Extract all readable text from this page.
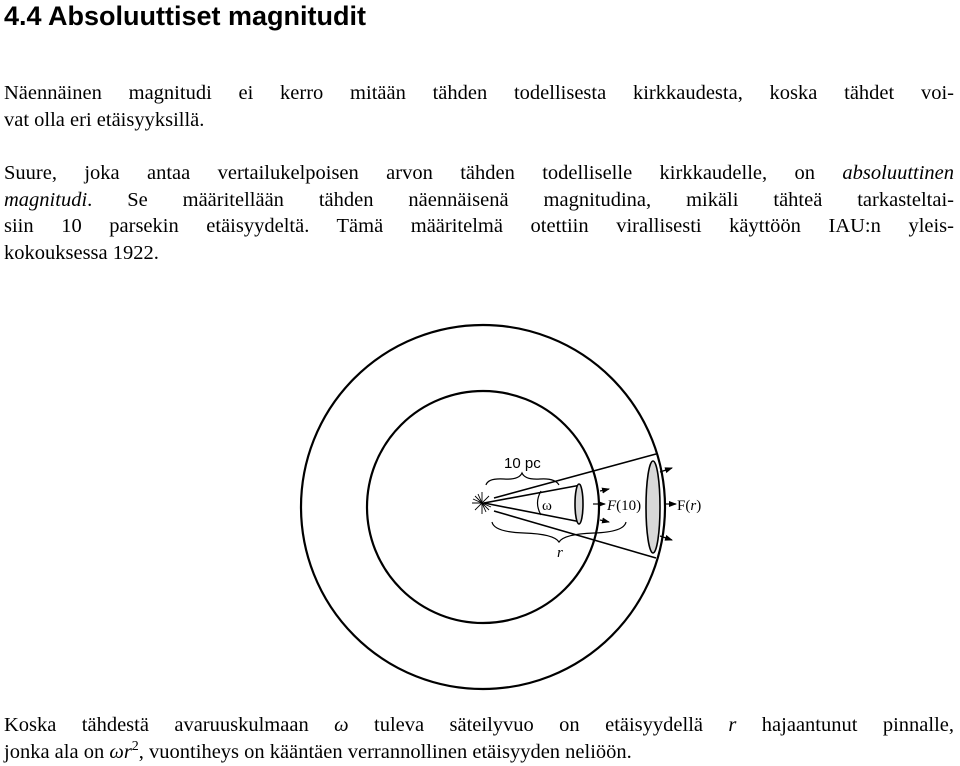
4.4 Absoluuttiset magnitudit

Näennäinen magnitudi ei kerro mitään tähden todellisesta kirkkaudesta, koska tähdet voi-
vat olla eri etäisyyksillä.

Suure, joka antaa vertailukelpoisen arvon tähden todelliselle kirkkaudelle, on absoluuttinen
magnitudi. Se määritellään tähden näennäisenä magnitudina, mikäli tähteä tarkasteltai-
siin 10 parsekin etäisyydeltä. Tämä määritelmä otettiin virallisesti käyttöön IAU:n yleis-
kokouksessa 1922.

10 pc
ω	F(10) F(r)
r

Koska tähdestä avaruuskulmaan ω tuleva säteilyvuo on etäisyydellä r hajaantunut pinnalle,
jonka ala on $\omega r^2$, vuontiheys on kääntäen verrannollinen etäisyyden neliöön.
